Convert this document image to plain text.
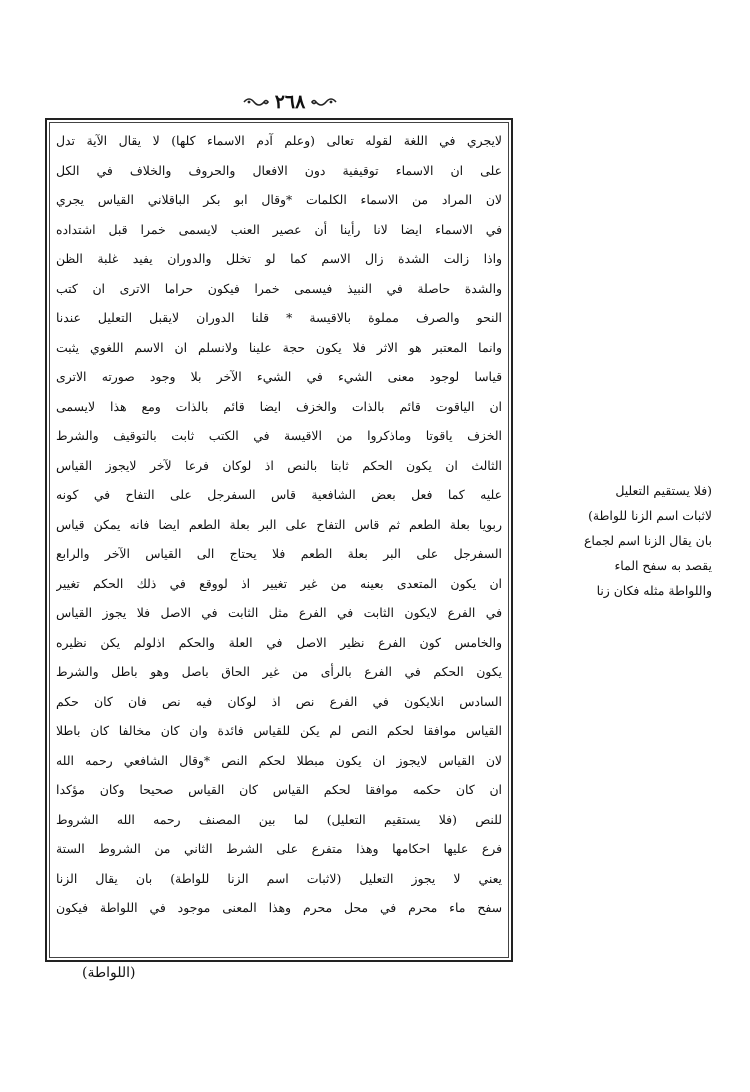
٢٦٨
لايجري في اللغة لقوله تعالى (وعلم آدم الاسماء كلها) لا يقال الآية تدل
على ان الاسماء توقيفية دون الافعال والحروف والخلاف في الكل
لان المراد من الاسماء الكلمات *وقال ابو بكر الباقلاني القياس يجري
في الاسماء ايضا لانا رأينا أن عصير العنب لايسمى خمرا قبل اشتداده
واذا زالت الشدة زال الاسم كما لو تخلل والدوران يفيد غلبة الظن
والشدة حاصلة في النبيذ فيسمى خمرا فيكون حراما الاترى ان كتب
النحو والصرف مملوة بالاقيسة * قلنا الدوران لايقبل التعليل عندنا
وانما المعتبر هو الاثر فلا يكون حجة علينا ولانسلم ان الاسم اللغوي يثبت
قياسا لوجود معنى الشيء في الشيء الآخر بلا وجود صورته الاترى
ان الياقوت قائم بالذات والخزف ايضا قائم بالذات ومع هذا لايسمى
الخزف ياقوتا وماذكروا من الاقيسة في الكتب ثابت بالتوقيف والشرط
الثالث ان يكون الحكم ثابتا بالنص اذ لوكان فرعا لآخر لايجوز القياس
عليه كما فعل بعض الشافعية قاس السفرجل على التفاح في كونه
ربويا بعلة الطعم ثم قاس التفاح على البر بعلة الطعم ايضا فانه يمكن قياس
السفرجل على البر بعلة الطعم فلا يحتاج الى القياس الآخر والرابع
ان يكون المتعدى بعينه من غير تغيير اذ لووقع في ذلك الحكم تغيير
في الفرع لايكون الثابت في الفرع مثل الثابت في الاصل فلا يجوز القياس
والخامس كون الفرع نظير الاصل في العلة والحكم اذلولم يكن نظيره
يكون الحكم في الفرع بالرأى من غير الحاق باصل وهو باطل والشرط
السادس انلايكون في الفرع نص اذ لوكان فيه نص فان كان حكم
القياس موافقا لحكم النص لم يكن للقياس فائدة وان كان مخالفا كان باطلا
لان القياس لايجوز ان يكون مبطلا لحكم النص *وقال الشافعي رحمه الله
ان كان حكمه موافقا لحكم القياس كان القياس صحيحا وكان مؤكدا
للنص (فلا يستقيم التعليل) لما بين المصنف رحمه الله الشروط
فرع عليها احكامها وهذا متفرع على الشرط الثاني من الشروط الستة
يعني لا يجوز التعليل (لاثبات اسم الزنا للواطة) بان يقال الزنا
سفح ماء محرم في محل محرم وهذا المعنى موجود في اللواطة فيكون
(فلا يستقيم التعليل
لاثبات اسم الزنا للواطة)
بان يقال الزنا اسم لجماع
يقصد به سفح الماء
واللواطة مثله فكان زنا
(اللواطة)
